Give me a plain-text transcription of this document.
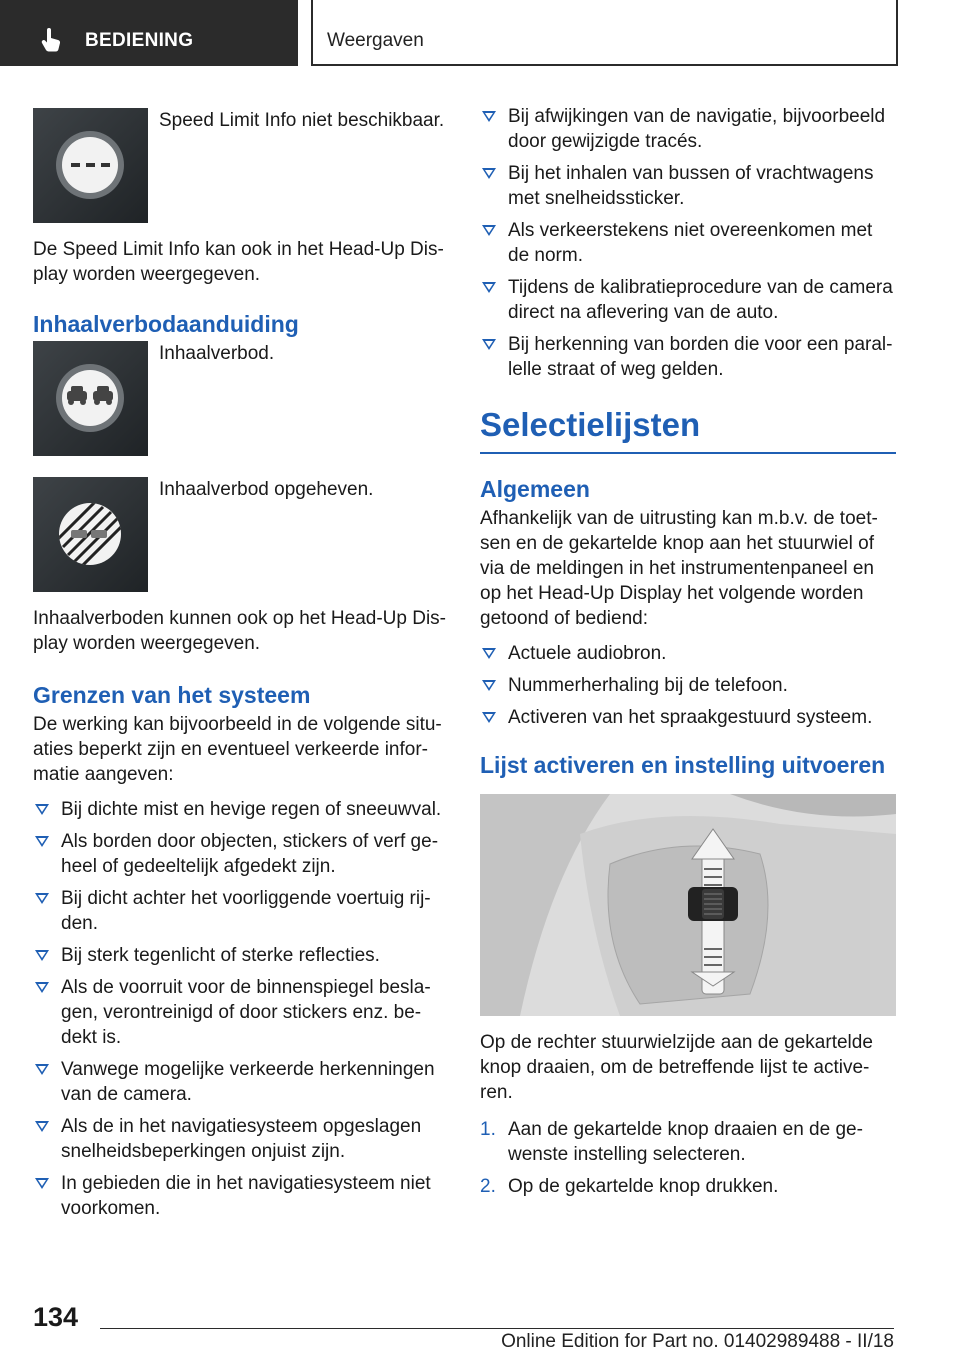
BEDIENING	Weergaven
Speed Limit Info niet beschikbaar.

De Speed Limit Info kan ook in het Head-Up Dis-play worden weergegeven.

Inhaalverbodaanduiding
Inhaalverbod.
Inhaalverbod opgeheven.

Inhaalverboden kunnen ook op het Head-Up Dis-play worden weergegeven.

Grenzen van het systeem

De werking kan bijvoorbeeld in de volgende situ-aties beperkt zijn en eventueel verkeerde infor-matie aangeven:

Bij dichte mist en hevige regen of sneeuwval.
Als borden door objecten, stickers of verf ge-heel of gedeeltelijk afgedekt zijn.
Bij dicht achter het voorliggende voertuig rij-den.
Bij sterk tegenlicht of sterke reflecties.
Als de voorruit voor de binnenspiegel besla-gen, verontreinigd of door stickers enz. be-dekt is.
Vanwege mogelijke verkeerde herkenningen van de camera.
Als de in het navigatiesysteem opgeslagen snelheidsbeperkingen onjuist zijn.
In gebieden die in het navigatiesysteem niet voorkomen.
Bij afwijkingen van de navigatie, bijvoorbeeld door gewijzigde tracés.
Bij het inhalen van bussen of vrachtwagens met snelheidssticker.
Als verkeerstekens niet overeenkomen met de norm.
Tijdens de kalibratieprocedure van de camera direct na aflevering van de auto.
Bij herkenning van borden die voor een paral-lelle straat of weg gelden.
Selectielijsten
Algemeen

Afhankelijk van de uitrusting kan m.b.v. de toet-sen en de gekartelde knop aan het stuurwiel of via de meldingen in het instrumentenpaneel en op het Head-Up Display het volgende worden getoond of bediend:

Actuele audiobron.
Nummerherhaling bij de telefoon.
Activeren van het spraakgestuurd systeem.
Lijst activeren en instelling uitvoeren

Op de rechter stuurwielzijde aan de gekartelde knop draaien, om de betreffende lijst te active-ren.

1. Aan de gekartelde knop draaien en de ge-wenste instelling selecteren.
2. Op de gekartelde knop drukken.
134
Online Edition for Part no. 01402989488 - II/18
